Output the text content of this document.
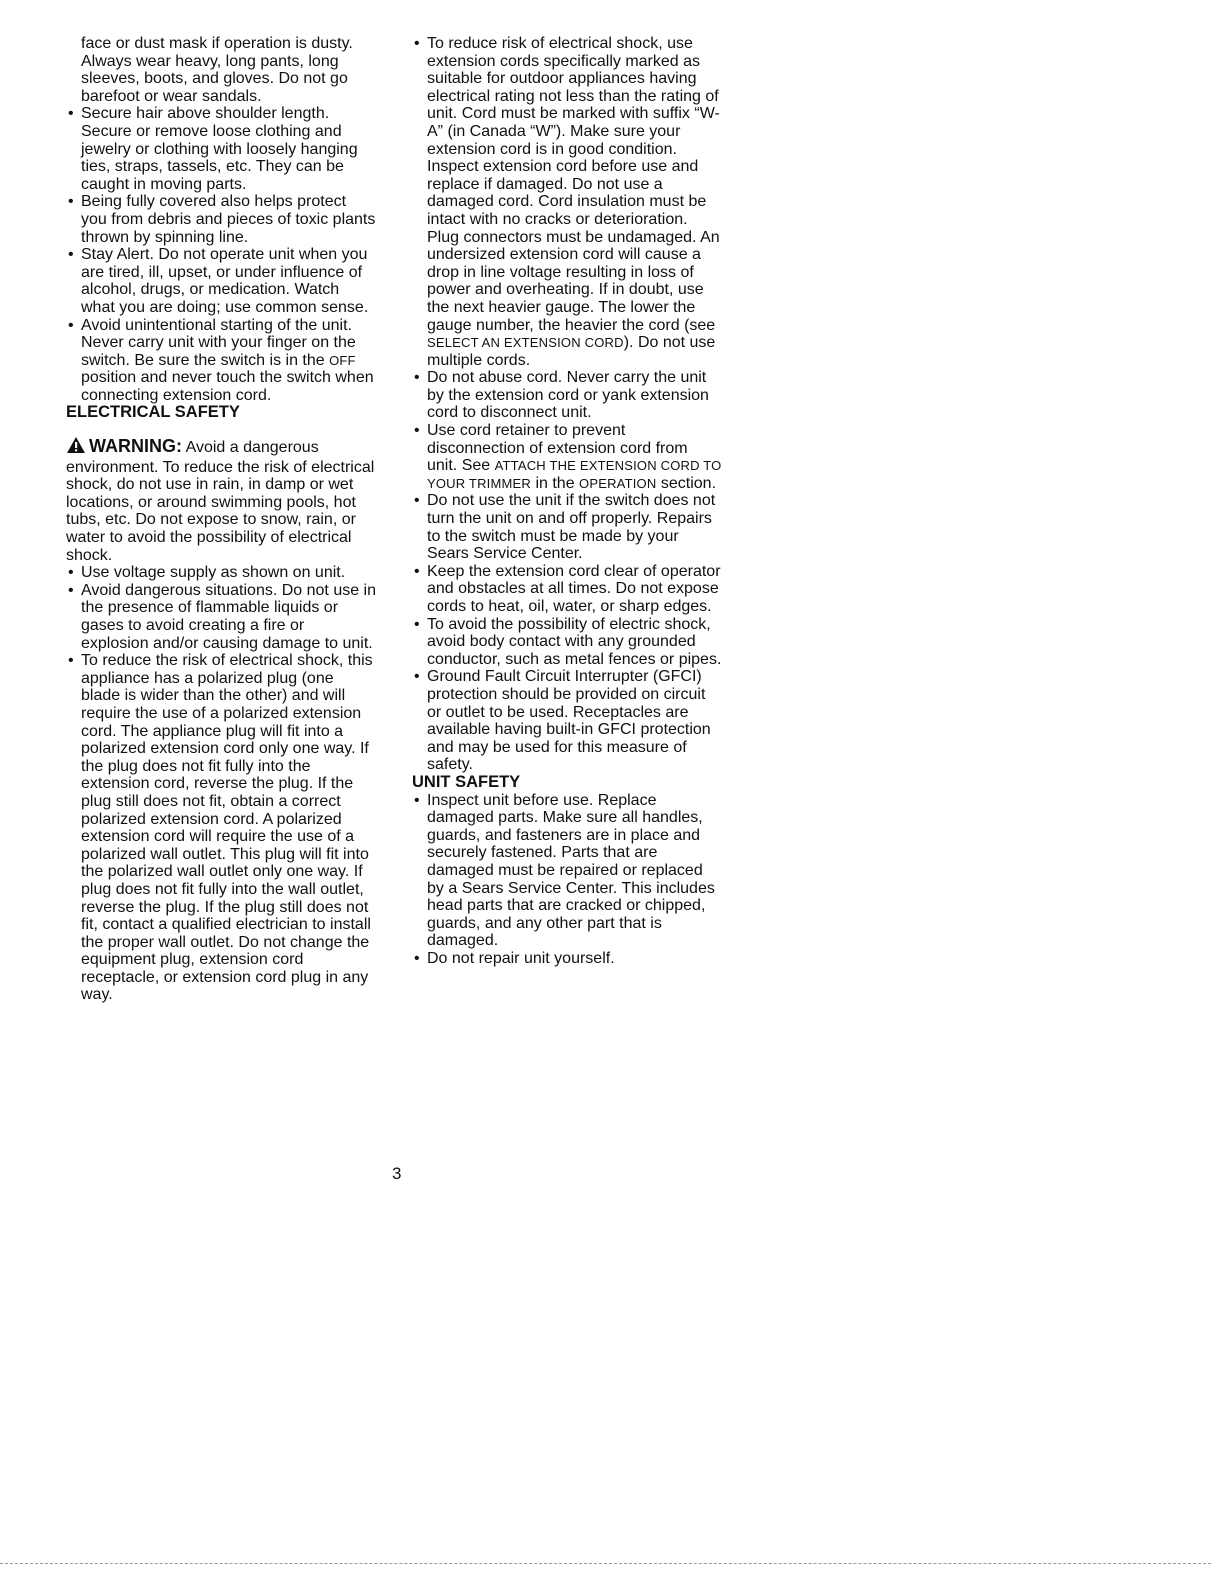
face or dust mask if operation is dusty. Always wear heavy, long pants, long sleeves, boots, and gloves. Do not go barefoot or wear sandals.

• Secure hair above shoulder length. Secure or remove loose clothing and jewelry or clothing with loosely hanging ties, straps, tassels, etc. They can be caught in moving parts.
• Being fully covered also helps protect you from debris and pieces of toxic plants thrown by spinning line.
• Stay Alert. Do not operate unit when you are tired, ill, upset, or under influence of alcohol, drugs, or medication. Watch what you are doing; use common sense.
• Avoid unintentional starting of the unit. Never carry unit with your finger on the switch. Be sure the switch is in the OFF position and never touch the switch when connecting extension cord.
ELECTRICAL SAFETY
WARNING: Avoid a dangerous environment. To reduce the risk of electrical shock, do not use in rain, in damp or wet locations, or around swimming pools, hot tubs, etc. Do not expose to snow, rain, or water to avoid the possibility of electrical shock.
• Use voltage supply as shown on unit.
• Avoid dangerous situations. Do not use in the presence of flammable liquids or gases to avoid creating a fire or explosion and/or causing damage to unit.
• To reduce the risk of electrical shock, this appliance has a polarized plug (one blade is wider than the other) and will require the use of a polarized extension cord. The appliance plug will fit into a polarized extension cord only one way. If the plug does not fit fully into the extension cord, reverse the plug. If the plug still does not fit, obtain a correct polarized extension cord. A polarized extension cord will require the use of a polarized wall outlet. This plug will fit into the polarized wall outlet only one way. If plug does not fit fully into the wall outlet, reverse the plug. If the plug still does not fit, contact a qualified electrician to install the proper wall outlet. Do not change the equipment plug, extension cord receptacle, or extension cord plug in any way.
• To reduce risk of electrical shock, use extension cords specifically marked as suitable for outdoor appliances having electrical rating not less than the rating of unit. Cord must be marked with suffix “W-A” (in Canada “W”). Make sure your extension cord is in good condition. Inspect extension cord before use and replace if damaged. Do not use a damaged cord. Cord insulation must be intact with no cracks or deterioration. Plug connectors must be undamaged. An undersized extension cord will cause a drop in line voltage resulting in loss of power and overheating. If in doubt, use the next heavier gauge. The lower the gauge number, the heavier the cord (see SELECT AN EXTENSION CORD). Do not use multiple cords.
• Do not abuse cord. Never carry the unit by the extension cord or yank extension cord to disconnect unit.
• Use cord retainer to prevent disconnection of extension cord from unit. See ATTACH THE EXTENSION CORD TO YOUR TRIMMER in the OPERATION section.
• Do not use the unit if the switch does not turn the unit on and off properly. Repairs to the switch must be made by your Sears Service Center.
• Keep the extension cord clear of operator and obstacles at all times. Do not expose cords to heat, oil, water, or sharp edges.
• To avoid the possibility of electric shock, avoid body contact with any grounded conductor, such as metal fences or pipes.
• Ground Fault Circuit Interrupter (GFCI) protection should be provided on circuit or outlet to be used. Receptacles are available having built-in GFCI protection and may be used for this measure of safety.
UNIT SAFETY
• Inspect unit before use. Replace damaged parts. Make sure all handles, guards, and fasteners are in place and securely fastened. Parts that are damaged must be repaired or replaced by a Sears Service Center. This includes head parts that are cracked or chipped, guards, and any other part that is damaged.
• Do not repair unit yourself.
3
